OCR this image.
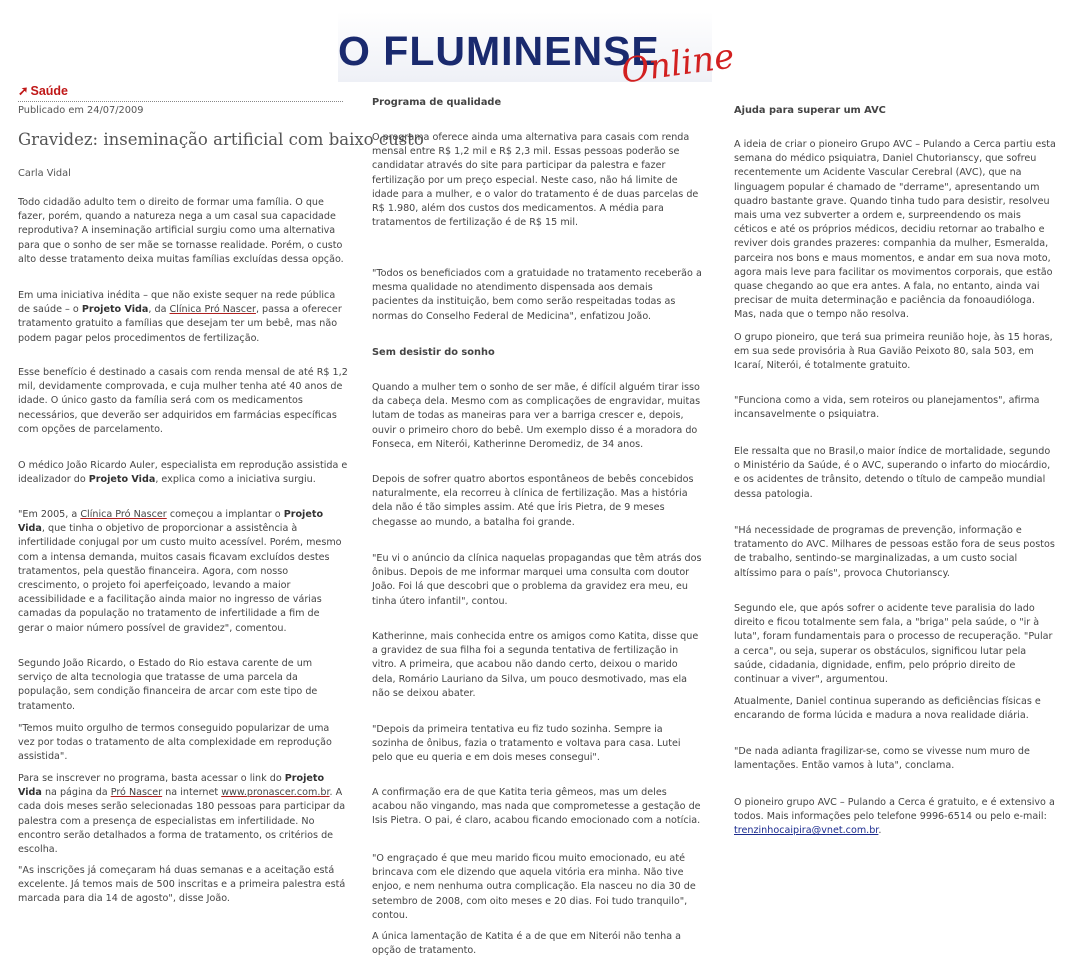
O FLUMINENSE
Online
➚ Saúde
Publicado em 24/07/2009
Gravidez: inseminação artificial com baixo custo
Carla Vidal

Todo cidadão adulto tem o direito de formar uma família. O que fazer, porém, quando a natureza nega a um casal sua capacidade reprodutiva? A inseminação artificial surgiu como uma alternativa para que o sonho de ser mãe se tornasse realidade. Porém, o custo alto desse tratamento deixa muitas famílias excluídas dessa opção.

Em uma iniciativa inédita – que não existe sequer na rede pública de saúde – o Projeto Vida, da Clínica Pró Nascer, passa a oferecer tratamento gratuito a famílias que desejam ter um bebê, mas não podem pagar pelos procedimentos de fertilização.

Esse benefício é destinado a casais com renda mensal de até R$ 1,2 mil, devidamente comprovada, e cuja mulher tenha até 40 anos de idade. O único gasto da família será com os medicamentos necessários, que deverão ser adquiridos em farmácias específicas com opções de parcelamento.

O médico João Ricardo Auler, especialista em reprodução assistida e idealizador do Projeto Vida, explica como a iniciativa surgiu.

"Em 2005, a Clínica Pró Nascer começou a implantar o Projeto Vida, que tinha o objetivo de proporcionar a assistência à infertilidade conjugal por um custo muito acessível. Porém, mesmo com a intensa demanda, muitos casais ficavam excluídos destes tratamentos, pela questão financeira. Agora, com nosso crescimento, o projeto foi aperfeiçoado, levando a maior acessibilidade e a facilitação ainda maior no ingresso de várias camadas da população no tratamento de infertilidade a fim de gerar o maior número possível de gravidez", comentou.

Segundo João Ricardo, o Estado do Rio estava carente de um serviço de alta tecnologia que tratasse de uma parcela da população, sem condição financeira de arcar com este tipo de tratamento.

"Temos muito orgulho de termos conseguido popularizar de uma vez por todas o tratamento de alta complexidade em reprodução assistida".

Para se inscrever no programa, basta acessar o link do Projeto Vida na página da Pró Nascer na internet www.pronascer.com.br. A cada dois meses serão selecionadas 180 pessoas para participar da palestra com a presença de especialistas em infertilidade. No encontro serão detalhados a forma de tratamento, os critérios de escolha.

"As inscrições já começaram há duas semanas e a aceitação está excelente. Já temos mais de 500 inscritas e a primeira palestra está marcada para dia 14 de agosto", disse João.

Programa de qualidade

O programa oferece ainda uma alternativa para casais com renda mensal entre R$ 1,2 mil e R$ 2,3 mil. Essas pessoas poderão se candidatar através do site para participar da palestra e fazer fertilização por um preço especial. Neste caso, não há limite de idade para a mulher, e o valor do tratamento é de duas parcelas de R$ 1.980, além dos custos dos medicamentos. A média para tratamentos de fertilização é de R$ 15 mil.

"Todos os beneficiados com a gratuidade no tratamento receberão a mesma qualidade no atendimento dispensada aos demais pacientes da instituição, bem como serão respeitadas todas as normas do Conselho Federal de Medicina", enfatizou João.

Sem desistir do sonho

Quando a mulher tem o sonho de ser mãe, é difícil alguém tirar isso da cabeça dela. Mesmo com as complicações de engravidar, muitas lutam de todas as maneiras para ver a barriga crescer e, depois, ouvir o primeiro choro do bebê. Um exemplo disso é a moradora do Fonseca, em Niterói, Katherinne Deromediz, de 34 anos.

Depois de sofrer quatro abortos espontâneos de bebês concebidos naturalmente, ela recorreu à clínica de fertilização. Mas a história dela não é tão simples assim. Até que Íris Pietra, de 9 meses chegasse ao mundo, a batalha foi grande.

"Eu vi o anúncio da clínica naquelas propagandas que têm atrás dos ônibus. Depois de me informar marquei uma consulta com doutor João. Foi lá que descobri que o problema da gravidez era meu, eu tinha útero infantil", contou.

Katherinne, mais conhecida entre os amigos como Katita, disse que a gravidez de sua filha foi a segunda tentativa de fertilização in vitro. A primeira, que acabou não dando certo, deixou o marido dela, Romário Lauriano da Silva, um pouco desmotivado, mas ela não se deixou abater.

"Depois da primeira tentativa eu fiz tudo sozinha. Sempre ia sozinha de ônibus, fazia o tratamento e voltava para casa. Lutei pelo que eu queria e em dois meses consegui".

A confirmação era de que Katita teria gêmeos, mas um deles acabou não vingando, mas nada que comprometesse a gestação de Isis Pietra. O pai, é claro, acabou ficando emocionado com a notícia.

"O engraçado é que meu marido ficou muito emocionado, eu até brincava com ele dizendo que aquela vitória era minha. Não tive enjoo, e nem nenhuma outra complicação. Ela nasceu no dia 30 de setembro de 2008, com oito meses e 20 dias. Foi tudo tranquilo", contou.

A única lamentação de Katita é a de que em Niterói não tenha a opção de tratamento.

Ajuda para superar um AVC

A ideia de criar o pioneiro Grupo AVC – Pulando a Cerca partiu esta semana do médico psiquiatra, Daniel Chutorianscy, que sofreu recentemente um Acidente Vascular Cerebral (AVC), que na linguagem popular é chamado de "derrame", apresentando um quadro bastante grave. Quando tinha tudo para desistir, resolveu mais uma vez subverter a ordem e, surpreendendo os mais céticos e até os próprios médicos, decidiu retornar ao trabalho e reviver dois grandes prazeres: companhia da mulher, Esmeralda, parceira nos bons e maus momentos, e andar em sua nova moto, agora mais leve para facilitar os movimentos corporais, que estão quase chegando ao que era antes. A fala, no entanto, ainda vai precisar de muita determinação e paciência da fonoaudióloga. Mas, nada que o tempo não resolva.

O grupo pioneiro, que terá sua primeira reunião hoje, às 15 horas, em sua sede provisória à Rua Gavião Peixoto 80, sala 503, em Icaraí, Niterói, é totalmente gratuito.

"Funciona como a vida, sem roteiros ou planejamentos", afirma incansavelmente o psiquiatra.

Ele ressalta que no Brasil,o maior índice de mortalidade, segundo o Ministério da Saúde, é o AVC, superando o infarto do miocárdio, e os acidentes de trânsito, detendo o título de campeão mundial dessa patologia.

"Há necessidade de programas de prevenção, informação e tratamento do AVC. Milhares de pessoas estão fora de seus postos de trabalho, sentindo-se marginalizadas, a um custo social altíssimo para o país", provoca Chutorianscy.

Segundo ele, que após sofrer o acidente teve paralisia do lado direito e ficou totalmente sem fala, a "briga" pela saúde, o "ir à luta", foram fundamentais para o processo de recuperação. "Pular a cerca", ou seja, superar os obstáculos, significou lutar pela saúde, cidadania, dignidade, enfim, pelo próprio direito de continuar a viver", argumentou.

Atualmente, Daniel continua superando as deficiências físicas e encarando de forma lúcida e madura a nova realidade diária.

"De nada adianta fragilizar-se, como se vivesse num muro de lamentações. Então vamos à luta", conclama.

O pioneiro grupo AVC – Pulando a Cerca é gratuito, e é extensivo a todos. Mais informações pelo telefone 9996-6514 ou pelo e-mail: trenzinhocaipira@vnet.com.br.
